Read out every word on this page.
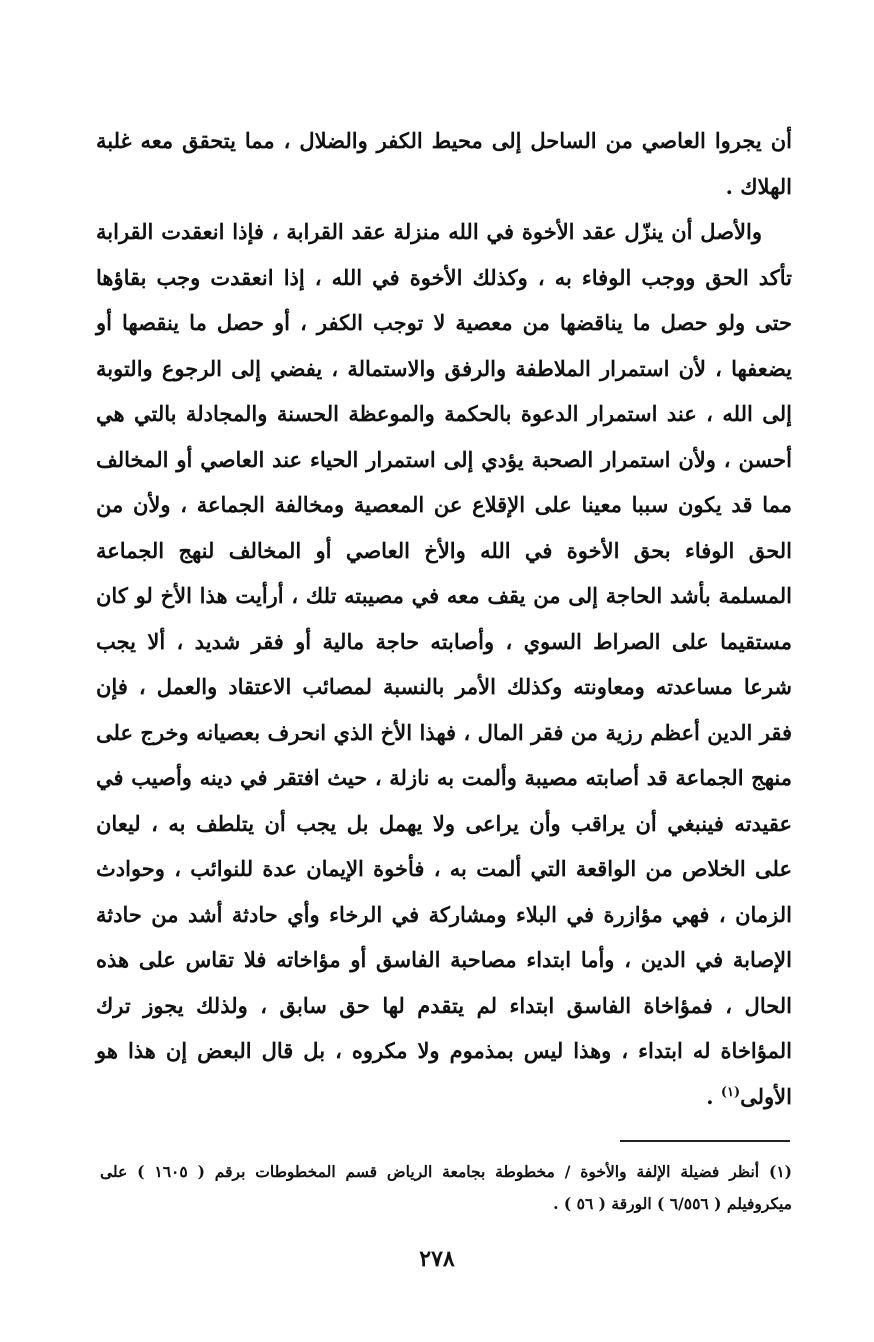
أن يجروا العاصي من الساحل إلى محيط الكفر والضلال ، مما يتحقق معه غلبة الهلاك .

والأصل أن ينزّل عقد الأخوة في الله منزلة عقد القرابة ، فإذا انعقدت القرابة تأكد الحق ووجب الوفاء به ، وكذلك الأخوة في الله ، إذا انعقدت وجب بقاؤها حتى ولو حصل ما يناقضها من معصية لا توجب الكفر ، أو حصل ما ينقصها أو يضعفها ، لأن استمرار الملاطفة والرفق والاستمالة ، يفضي إلى الرجوع والتوبة إلى الله ، عند استمرار الدعوة بالحكمة والموعظة الحسنة والمجادلة بالتي هي أحسن ، ولأن استمرار الصحبة يؤدي إلى استمرار الحياء عند العاصي أو المخالف مما قد يكون سببا معينا على الإقلاع عن المعصية ومخالفة الجماعة ، ولأن من الحق الوفاء بحق الأخوة في الله والأخ العاصي أو المخالف لنهج الجماعة المسلمة بأشد الحاجة إلى من يقف معه في مصيبته تلك ، أرأيت هذا الأخ لو كان مستقيما على الصراط السوي ، وأصابته حاجة مالية أو فقر شديد ، ألا يجب شرعا مساعدته ومعاونته وكذلك الأمر بالنسبة لمصائب الاعتقاد والعمل ، فإن فقر الدين أعظم رزية من فقر المال ، فهذا الأخ الذي انحرف بعصيانه وخرج على منهج الجماعة قد أصابته مصيبة وألمت به نازلة ، حيث افتقر في دينه وأصيب في عقيدته فينبغي أن يراقب وأن يراعى ولا يهمل بل يجب أن يتلطف به ، ليعان على الخلاص من الواقعة التي ألمت به ، فأخوة الإيمان عدة للنوائب ، وحوادث الزمان ، فهي مؤازرة في البلاء ومشاركة في الرخاء وأي حادثة أشد من حادثة الإصابة في الدين ، وأما ابتداء مصاحبة الفاسق أو مؤاخاته فلا تقاس على هذه الحال ، فمؤاخاة الفاسق ابتداء لم يتقدم لها حق سابق ، ولذلك يجوز ترك المؤاخاة له ابتداء ، وهذا ليس بمذموم ولا مكروه ، بل قال البعض إن هذا هو الأولى$^{(١)}$ .

(١) أنظر فضيلة الإلفة والأخوة / مخطوطة بجامعة الرياض قسم المخطوطات برقم ( ١٦٠٥ ) على ميكروفيلم ( ٦/٥٥٦ ) الورقة ( ٥٦ ) .
٢٧٨
